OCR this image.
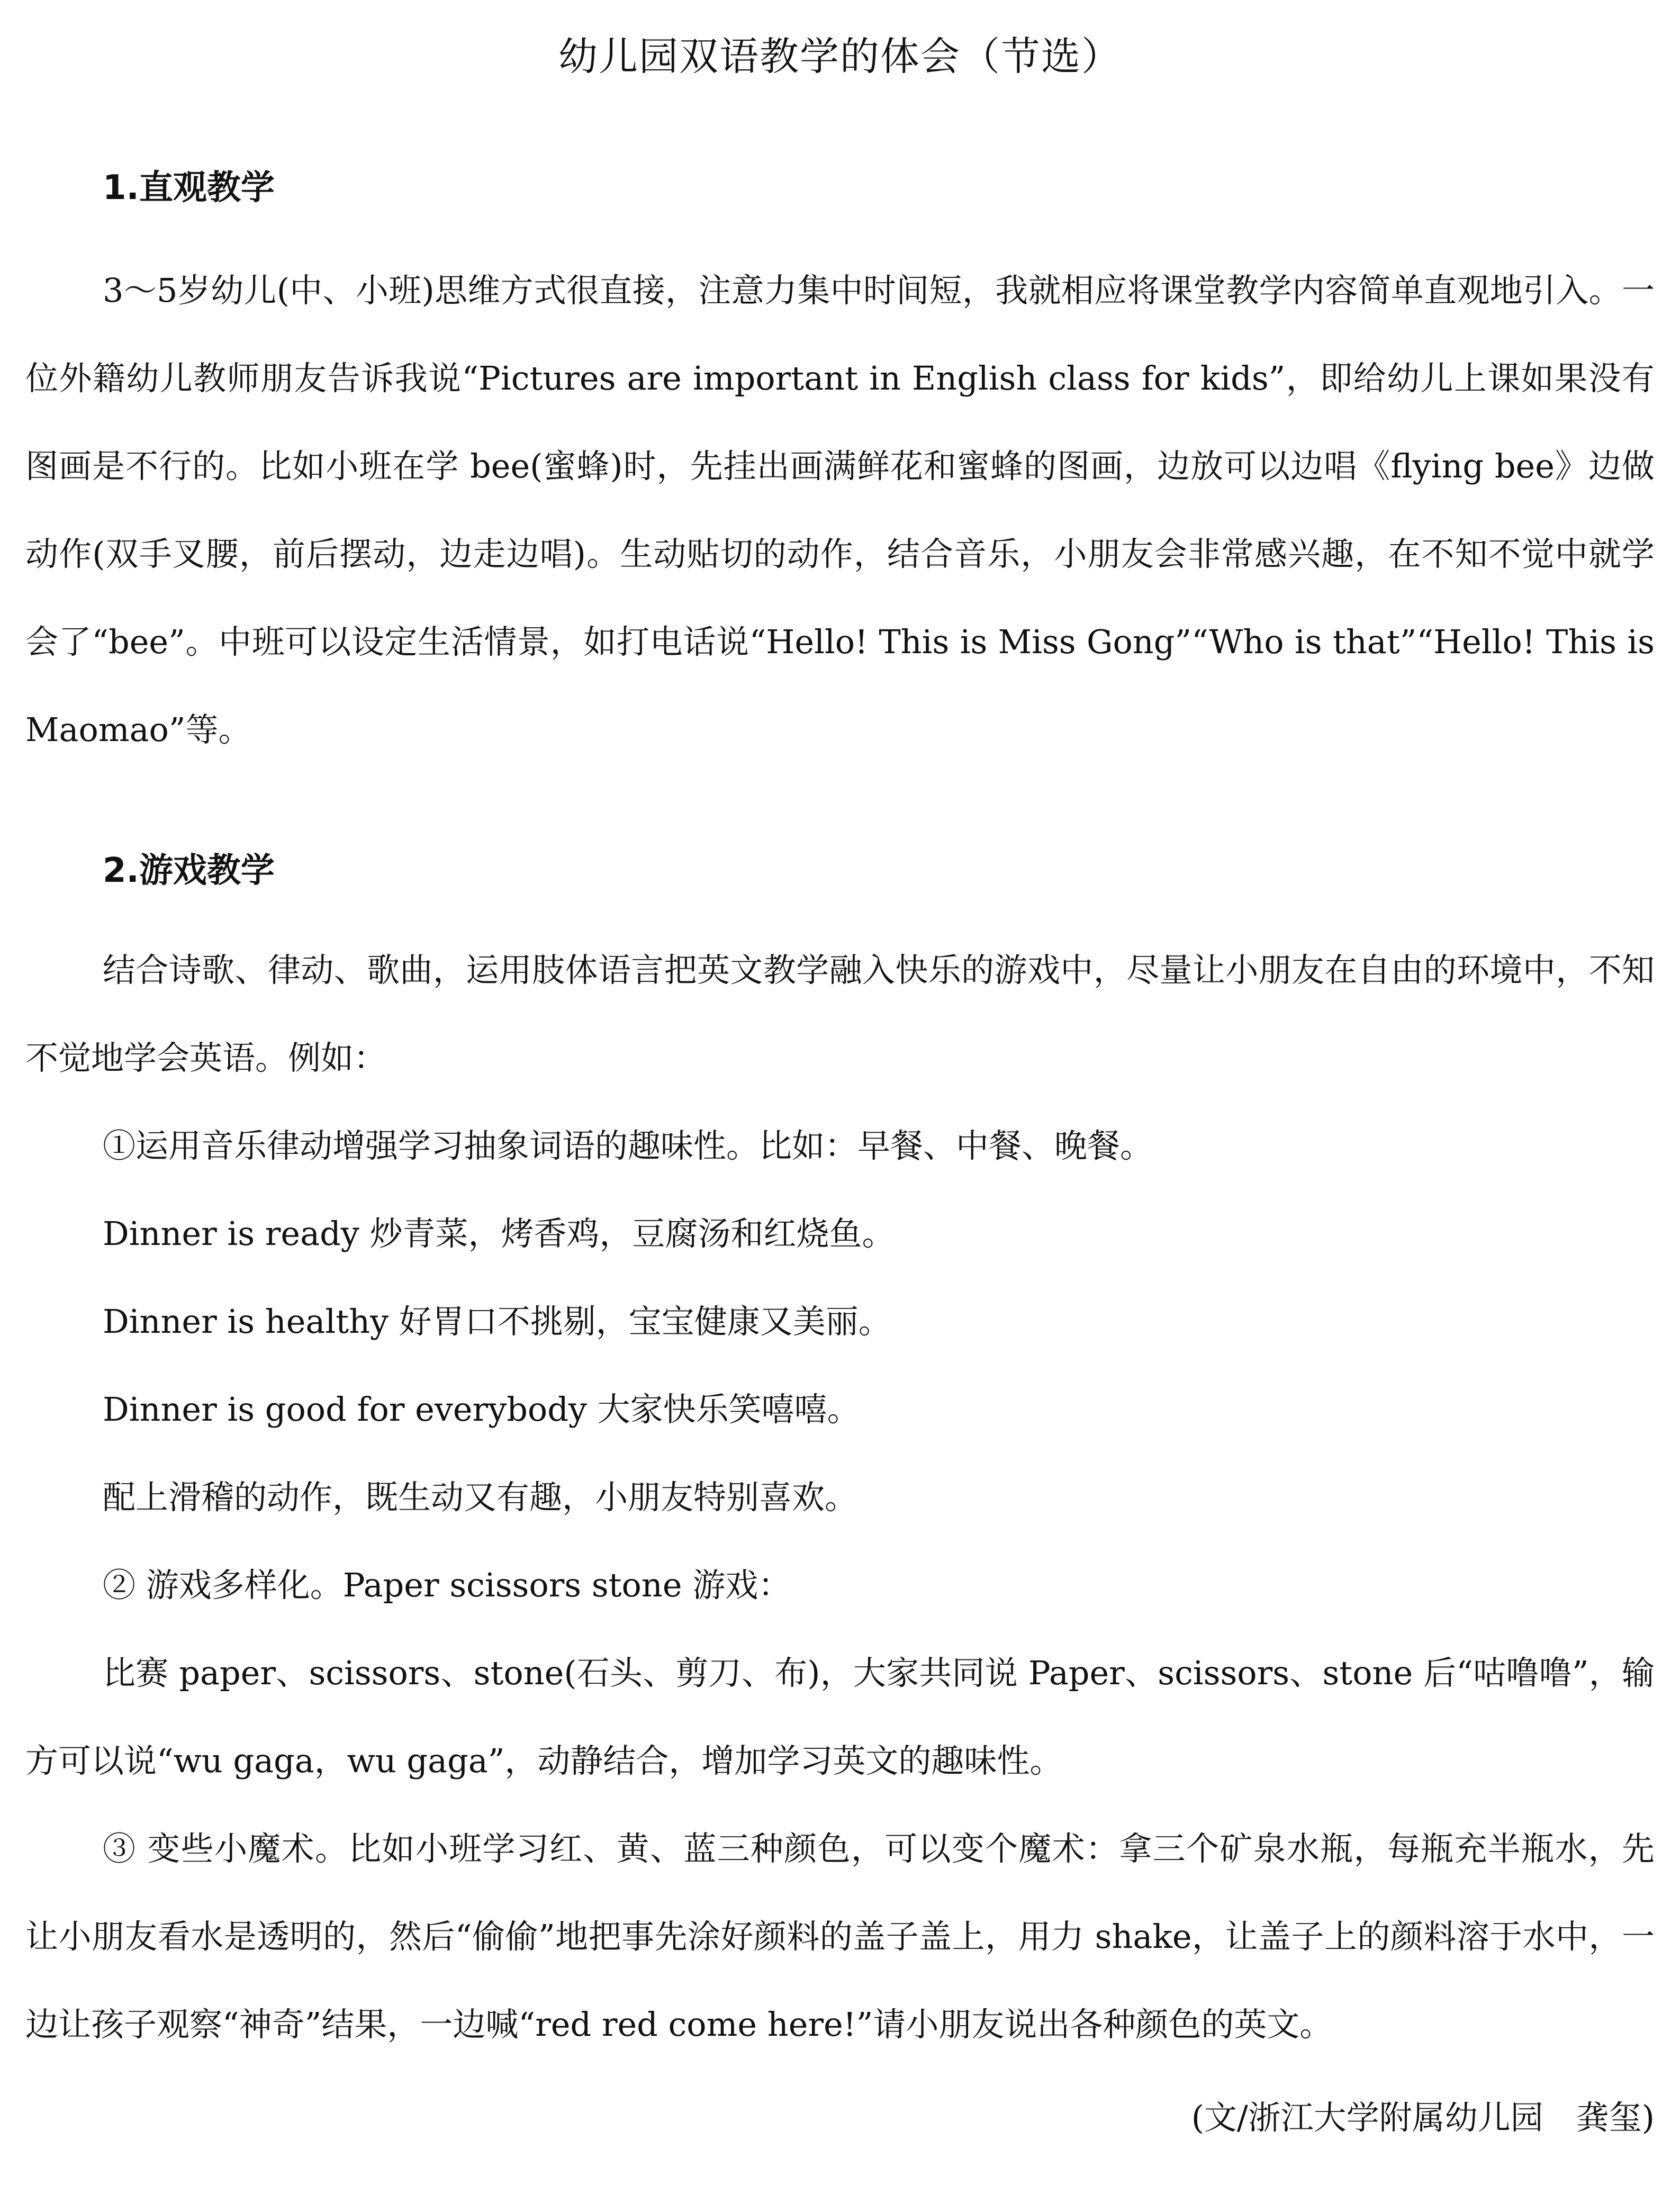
幼儿园双语教学的体会（节选）
1.直观教学

3～5岁幼儿(中、小班)思维方式很直接，注意力集中时间短，我就相应将课堂教学内容简单直观地引入。一位外籍幼儿教师朋友告诉我说“Pictures are important in English class for kids”，即给幼儿上课如果没有图画是不行的。比如小班在学 bee(蜜蜂)时，先挂出画满鲜花和蜜蜂的图画，边放可以边唱《flying bee》边做动作(双手叉腰，前后摆动，边走边唱)。生动贴切的动作，结合音乐，小朋友会非常感兴趣，在不知不觉中就学会了“bee”。中班可以设定生活情景，如打电话说“Hello! This is Miss Gong”“Who is that”“Hello! This is Maomao”等。

2.游戏教学

结合诗歌、律动、歌曲，运用肢体语言把英文教学融入快乐的游戏中，尽量让小朋友在自由的环境中，不知不觉地学会英语。例如：

①运用音乐律动增强学习抽象词语的趣味性。比如：早餐、中餐、晚餐。

Dinner is ready 炒青菜，烤香鸡，豆腐汤和红烧鱼。

Dinner is healthy 好胃口不挑剔，宝宝健康又美丽。

Dinner is good for everybody 大家快乐笑嘻嘻。

配上滑稽的动作，既生动又有趣，小朋友特别喜欢。

② 游戏多样化。Paper scissors stone 游戏：

比赛 paper、scissors、stone(石头、剪刀、布)，大家共同说 Paper、scissors、stone 后“咕噜噜”，输方可以说“wu gaga，wu gaga”，动静结合，增加学习英文的趣味性。

③ 变些小魔术。比如小班学习红、黄、蓝三种颜色，可以变个魔术：拿三个矿泉水瓶，每瓶充半瓶水，先让小朋友看水是透明的，然后“偷偷”地把事先涂好颜料的盖子盖上，用力 shake，让盖子上的颜料溶于水中，一边让孩子观察“神奇”结果，一边喊“red red come here!”请小朋友说出各种颜色的英文。

(文/浙江大学附属幼儿园　龚玺)
